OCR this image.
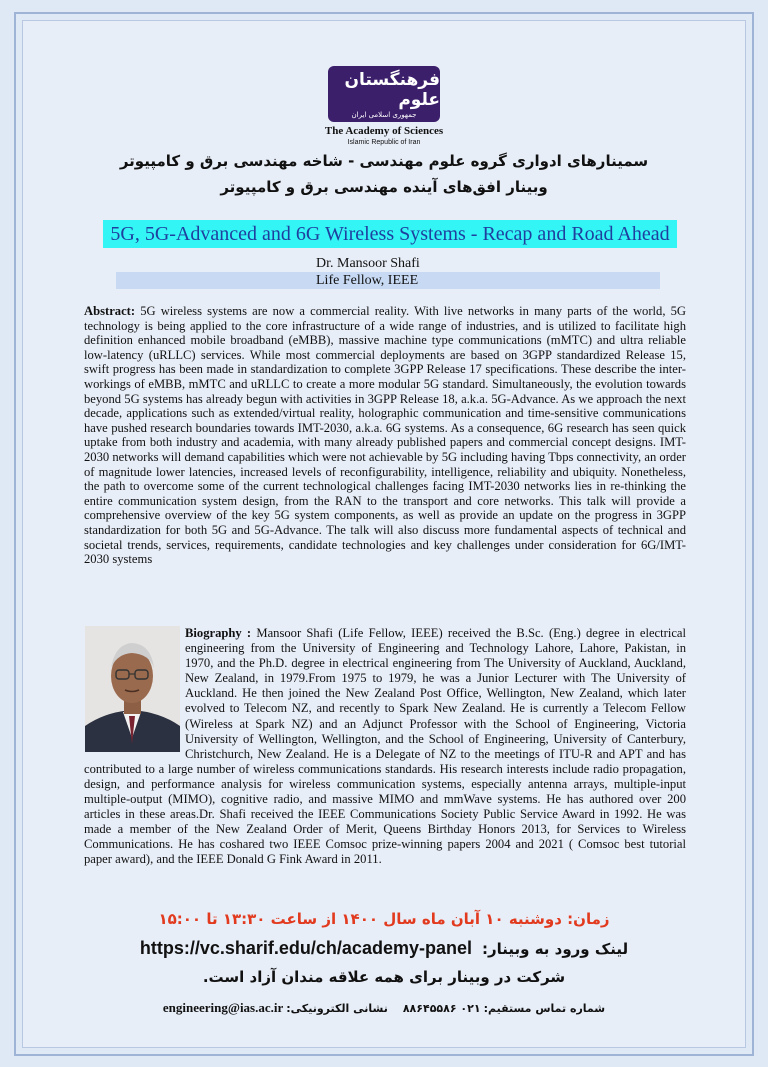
فرهنگستان علوم
جمهوری اسلامی ایران
The Academy of Sciences
Islamic Republic of Iran
سمینارهای ادواری گروه علوم مهندسی - شاخه مهندسی برق و کامپیوتر
وبینار افق‌های آینده مهندسی برق و کامپیوتر
5G, 5G-Advanced and 6G Wireless Systems - Recap and Road Ahead
Dr. Mansoor Shafi
Life Fellow, IEEE

Abstract: 5G wireless systems are now a commercial reality. With live networks in many parts of the world, 5G technology is being applied to the core infrastructure of a wide range of industries, and is utilized to facilitate high definition enhanced mobile broadband (eMBB), massive machine type communications (mMTC) and ultra reliable low-latency (uRLLC) services. While most commercial deployments are based on 3GPP standardized Release 15, swift progress has been made in standardization to complete 3GPP Release 17 specifications. These describe the inter-workings of eMBB, mMTC and uRLLC to create a more modular 5G standard. Simultaneously, the evolution towards beyond 5G systems has already begun with activities in 3GPP Release 18, a.k.a. 5G-Advance. As we approach the next decade, applications such as extended/virtual reality, holographic communication and time-sensitive communications have pushed research boundaries towards IMT-2030, a.k.a. 6G systems. As a consequence, 6G research has seen quick uptake from both industry and academia, with many already published papers and commercial concept designs. IMT-2030 networks will demand capabilities which were not achievable by 5G including having Tbps connectivity, an order of magnitude lower latencies, increased levels of reconfigurability, intelligence, reliability and ubiquity. Nonetheless, the path to overcome some of the current technological challenges facing IMT-2030 networks lies in re-thinking the entire communication system design, from the RAN to the transport and core networks. This talk will provide a comprehensive overview of the key 5G system components, as well as provide an update on the progress in 3GPP standardization for both 5G and 5G-Advance. The talk will also discuss more fundamental aspects of technical and societal trends, services, requirements, candidate technologies and key challenges under consideration for 6G/IMT-2030 systems

Biography : Mansoor Shafi (Life Fellow, IEEE) received the B.Sc. (Eng.) degree in electrical engineering from the University of Engineering and Technology Lahore, Lahore, Pakistan, in 1970, and the Ph.D. degree in electrical engineering from The University of Auckland, Auckland, New Zealand, in 1979.From 1975 to 1979, he was a Junior Lecturer with The University of Auckland. He then joined the New Zealand Post Office, Wellington, New Zealand, which later evolved to Telecom NZ, and recently to Spark New Zealand. He is currently a Telecom Fellow (Wireless at Spark NZ) and an Adjunct Professor with the School of Engineering, Victoria University of Wellington, Wellington, and the School of Engineering, University of Canterbury, Christchurch, New Zealand. He is a Delegate of NZ to the meetings of ITU-R and APT and has contributed to a large number of wireless communications standards. His research interests include radio propagation, design, and performance analysis for wireless communication systems, especially antenna arrays, multiple-input multiple-output (MIMO), cognitive radio, and massive MIMO and mmWave systems. He has authored over 200 articles in these areas.Dr. Shafi received the IEEE Communications Society Public Service Award in 1992. He was made a member of the New Zealand Order of Merit, Queens Birthday Honors 2013, for Services to Wireless Communications. He has coshared two IEEE Comsoc prize-winning papers 2004 and 2021 ( Comsoc best tutorial paper award), and the IEEE Donald G Fink Award in 2011.

زمان: دوشنبه ۱۰ آبان ماه سال ۱۴۰۰ از ساعت ۱۳:۳۰ تا ۱۵:۰۰
https://vc.sharif.edu/ch/academy-panel لینک ورود به وبینار:
شرکت در وبینار برای همه علاقه مندان آزاد است.
engineering@ias.ac.ir نشانی الکترونیکی: ۰۲۱ ۸۸۶۴۵۵۸۶ شماره تماس مستقیم:
